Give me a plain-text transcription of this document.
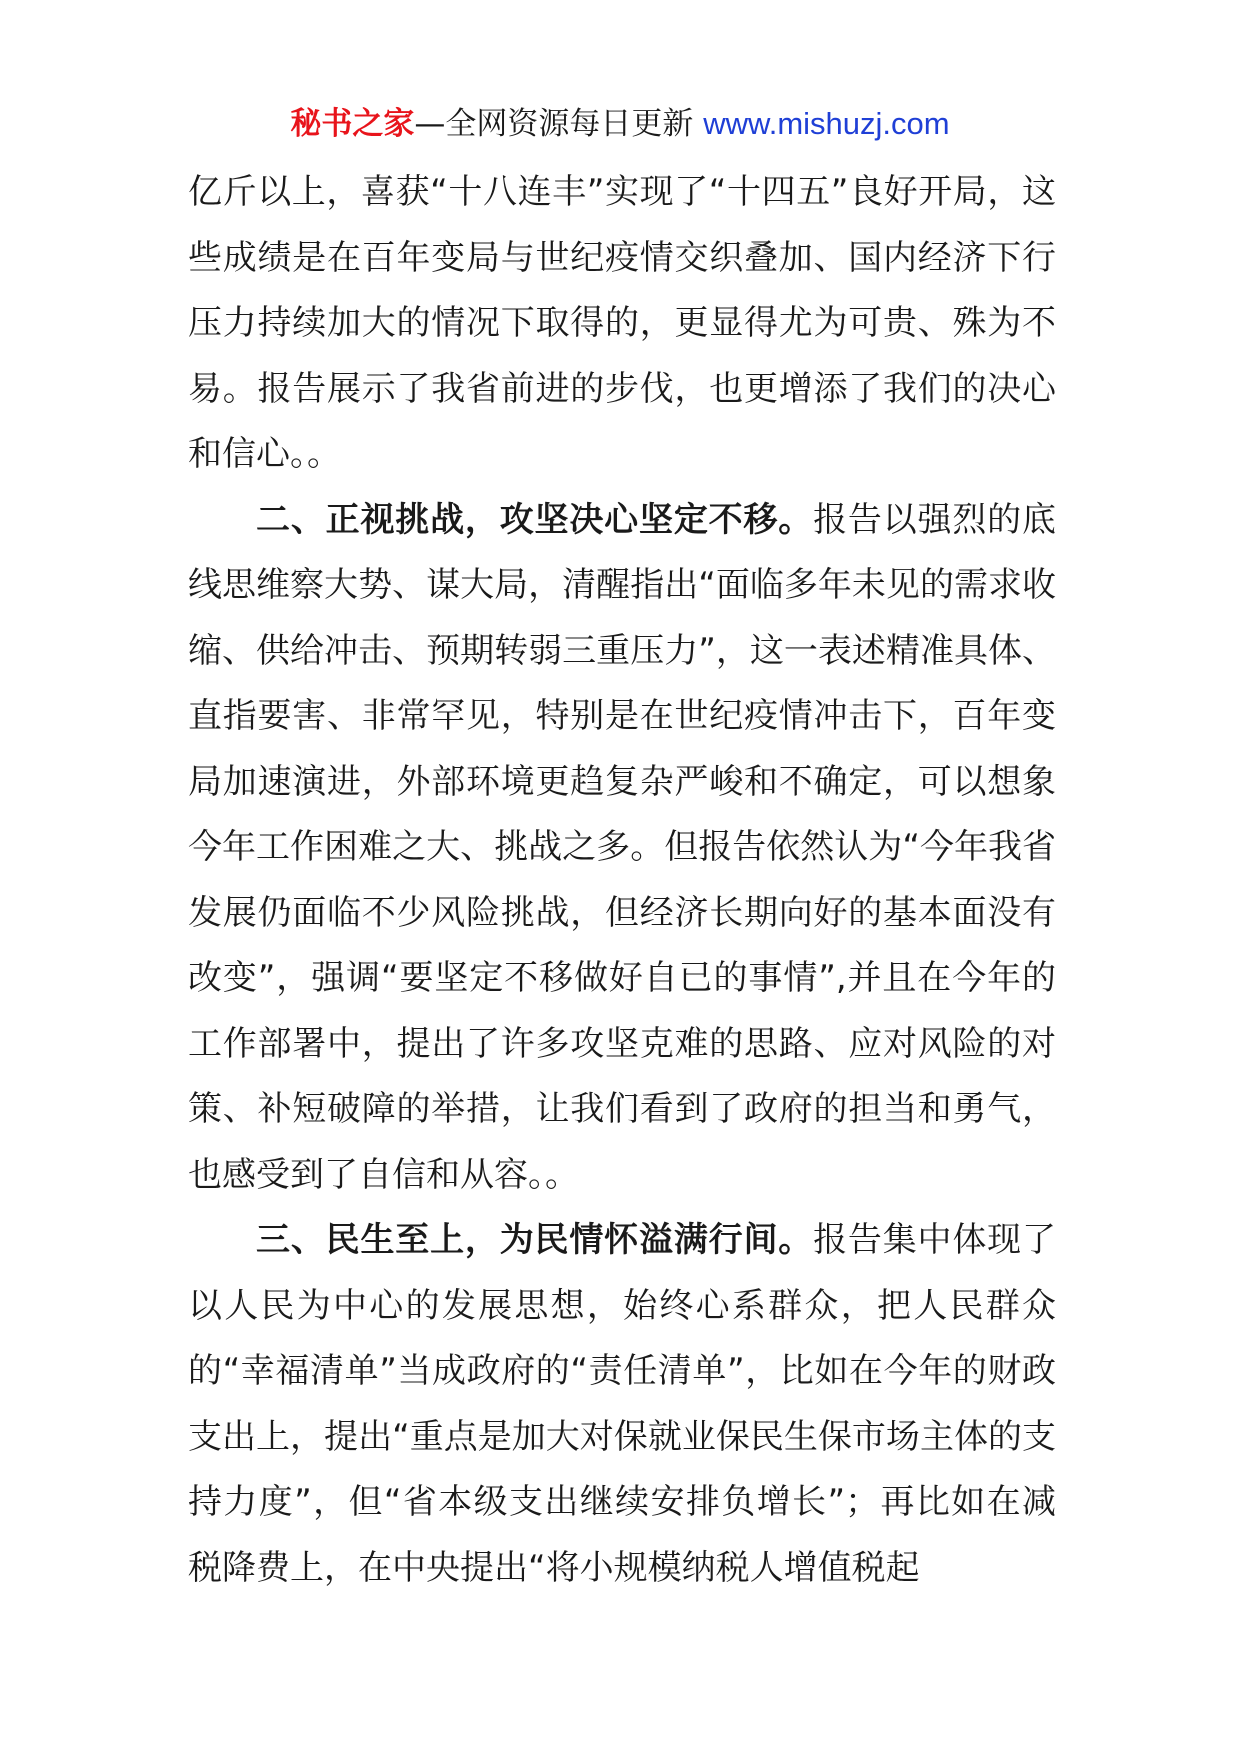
秘书之家—全网资源每日更新 www.mishuzj.com

亿斤以上，喜获“十八连丰”实现了“十四五”良好开局，这些成绩是在百年变局与世纪疫情交织叠加、国内经济下行压力持续加大的情况下取得的，更显得尤为可贵、殊为不易。报告展示了我省前进的步伐，也更增添了我们的决心和信心。。

二、正视挑战，攻坚决心坚定不移。报告以强烈的底线思维察大势、谋大局，清醒指出“面临多年未见的需求收缩、供给冲击、预期转弱三重压力”，这一表述精准具体、直指要害、非常罕见，特别是在世纪疫情冲击下，百年变局加速演进，外部环境更趋复杂严峻和不确定，可以想象今年工作困难之大、挑战之多。但报告依然认为“今年我省发展仍面临不少风险挑战，但经济长期向好的基本面没有改变”，强调“要坚定不移做好自已的事情”,并且在今年的工作部署中，提出了许多攻坚克难的思路、应对风险的对策、补短破障的举措，让我们看到了政府的担当和勇气，也感受到了自信和从容。。

三、民生至上，为民情怀溢满行间。报告集中体现了以人民为中心的发展思想，始终心系群众，把人民群众的“幸福清单”当成政府的“责任清单”，比如在今年的财政支出上，提出“重点是加大对保就业保民生保市场主体的支持力度”，但“省本级支出继续安排负增长”；再比如在减税降费上，在中央提出“将小规模纳税人增值税起
